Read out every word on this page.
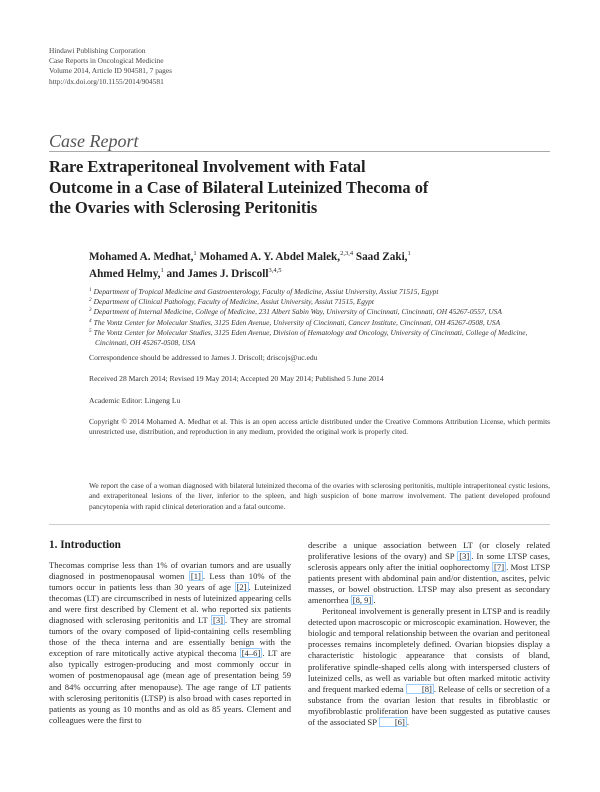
Hindawi Publishing Corporation
Case Reports in Oncological Medicine
Volume 2014, Article ID 904581, 7 pages
http://dx.doi.org/10.1155/2014/904581
Case Report
Rare Extraperitoneal Involvement with Fatal
Outcome in a Case of Bilateral Luteinized Thecoma of
the Ovaries with Sclerosing Peritonitis
Mohamed A. Medhat,$^1$ Mohamed A. Y. Abdel Malek,$^{2,3,4}$ Saad Zaki,$^1$
Ahmed Helmy,$^1$ and James J. Driscoll$^{3,4,5}$
$^1$ Department of Tropical Medicine and Gastroenterology, Faculty of Medicine, Assiut University, Assiut 71515, Egypt
$^2$ Department of Clinical Pathology, Faculty of Medicine, Assiut University, Assiut 71515, Egypt
$^3$ Department of Internal Medicine, College of Medicine, 231 Albert Sabin Way, University of Cincinnati, Cincinnati, OH 45267-0557, USA
$^4$ The Vontz Center for Molecular Studies, 3125 Eden Avenue, University of Cincinnati, Cancer Institute, Cincinnati, OH 45267-0508, USA
$^5$ The Vontz Center for Molecular Studies, 3125 Eden Avenue, Division of Hematology and Oncology, University of Cincinnati, College of Medicine, Cincinnati, OH 45267-0508, USA
Correspondence should be addressed to James J. Driscoll; driscojs@uc.edu
Received 28 March 2014; Revised 19 May 2014; Accepted 20 May 2014; Published 5 June 2014
Academic Editor: Lingeng Lu
Copyright © 2014 Mohamed A. Medhat et al. This is an open access article distributed under the Creative Commons Attribution License, which permits unrestricted use, distribution, and reproduction in any medium, provided the original work is properly cited.
We report the case of a woman diagnosed with bilateral luteinized thecoma of the ovaries with sclerosing peritonitis, multiple intraperitoneal cystic lesions, and extraperitoneal lesions of the liver, inferior to the spleen, and high suspicion of bone marrow involvement. The patient developed profound pancytopenia with rapid clinical deterioration and a fatal outcome.
1. Introduction

Thecomas comprise less than 1% of ovarian tumors and are usually diagnosed in postmenopausal women [1] . Less than 10% of the tumors occur in patients less than 30 years of age [2] . Luteinized thecomas (LT) are circumscribed in nests of luteinized appearing cells and were first described by Clement et al. who reported six patients diagnosed with sclerosing peritonitis and LT [3] . They are stromal tumors of the ovary composed of lipid-containing cells resembling those of the theca interna and are essentially benign with the exception of rare mitotically active atypical thecoma [4–6] . LT are also typically estrogen-producing and most commonly occur in women of postmenopausal age (mean age of presentation being 59 and 84% occurring after menopause). The age range of LT patients with sclerosing peritonitis (LTSP) is also broad with cases reported in patients as young as 10 months and as old as 85 years. Clement and colleagues were the first to

describe a unique association between LT (or closely related proliferative lesions of the ovary) and SP [3] . In some LTSP cases, sclerosis appears only after the initial oophorectomy [7] . Most LTSP patients present with abdominal pain and/or distention, ascites, pelvic masses, or bowel obstruction. LTSP may also present as secondary amenorrhea [8, 9] .

Peritoneal involvement is generally present in LTSP and is readily detected upon macroscopic or microscopic examination. However, the biologic and temporal relationship between the ovarian and peritoneal processes remains incompletely defined. Ovarian biopsies display a characteristic histologic appearance that consists of bland, proliferative spindle-shaped cells along with interspersed clusters of luteinized cells, as well as variable but often marked mitotic activity and frequent marked edema [8] . Release of cells or secretion of a substance from the ovarian lesion that results in fibroblastic or myofibroblastic proliferation have been suggested as putative causes of the associated SP [6] .
